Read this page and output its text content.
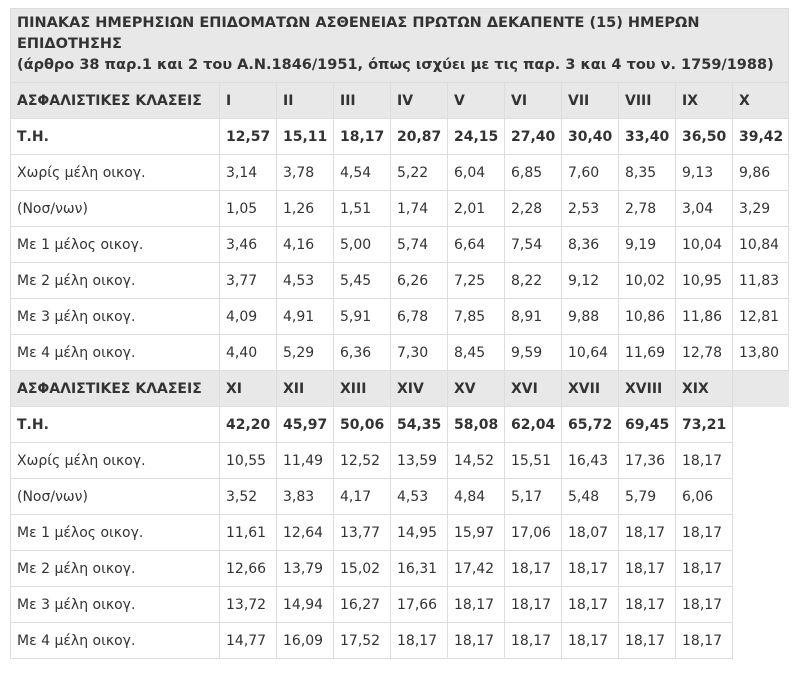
ΠΙΝΑΚΑΣ ΗΜΕΡΗΣΙΩΝ ΕΠΙΔΟΜΑΤΩΝ ΑΣΘΕΝΕΙΑΣ ΠΡΩΤΩΝ ΔΕΚΑΠΕΝΤΕ (15) ΗΜΕΡΩΝ ΕΠΙΔΟΤΗΣΗΣ
(άρθρο 38 παρ.1 και 2 του Α.Ν.1846/1951, όπως ισχύει με τις παρ. 3 και 4 του ν. 1759/1988)										

ΑΣΦΑΛΙΣΤΙΚΕΣ ΚΛΑΣΕΙΣ	I	II	III	IV	V	VI	VII	VIII	IX	X
Τ.Η.	12,57	15,11	18,17	20,87	24,15	27,40	30,40	33,40	36,50	39,42
Χωρίς μέλη οικογ.	3,14	3,78	4,54	5,22	6,04	6,85	7,60	8,35	9,13	9,86
(Νοσ/νων)	1,05	1,26	1,51	1,74	2,01	2,28	2,53	2,78	3,04	3,29
Με 1 μέλος οικογ.	3,46	4,16	5,00	5,74	6,64	7,54	8,36	9,19	10,04	10,84
Με 2 μέλη οικογ.	3,77	4,53	5,45	6,26	7,25	8,22	9,12	10,02	10,95	11,83
Με 3 μέλη οικογ.	4,09	4,91	5,91	6,78	7,85	8,91	9,88	10,86	11,86	12,81
Με 4 μέλη οικογ.	4,40	5,29	6,36	7,30	8,45	9,59	10,64	11,69	12,78	13,80
ΑΣΦΑΛΙΣΤΙΚΕΣ ΚΛΑΣΕΙΣ	XI	XII	XIII	XIV	XV	XVI	XVII	XVIII	XIX	
Τ.Η.	42,20	45,97	50,06	54,35	58,08	62,04	65,72	69,45	73,21	
Χωρίς μέλη οικογ.	10,55	11,49	12,52	13,59	14,52	15,51	16,43	17,36	18,17	
(Νοσ/νων)	3,52	3,83	4,17	4,53	4,84	5,17	5,48	5,79	6,06	
Με 1 μέλος οικογ.	11,61	12,64	13,77	14,95	15,97	17,06	18,07	18,17	18,17	
Με 2 μέλη οικογ.	12,66	13,79	15,02	16,31	17,42	18,17	18,17	18,17	18,17	
Με 3 μέλη οικογ.	13,72	14,94	16,27	17,66	18,17	18,17	18,17	18,17	18,17	
Με 4 μέλη οικογ.	14,77	16,09	17,52	18,17	18,17	18,17	18,17	18,17	18,17	
